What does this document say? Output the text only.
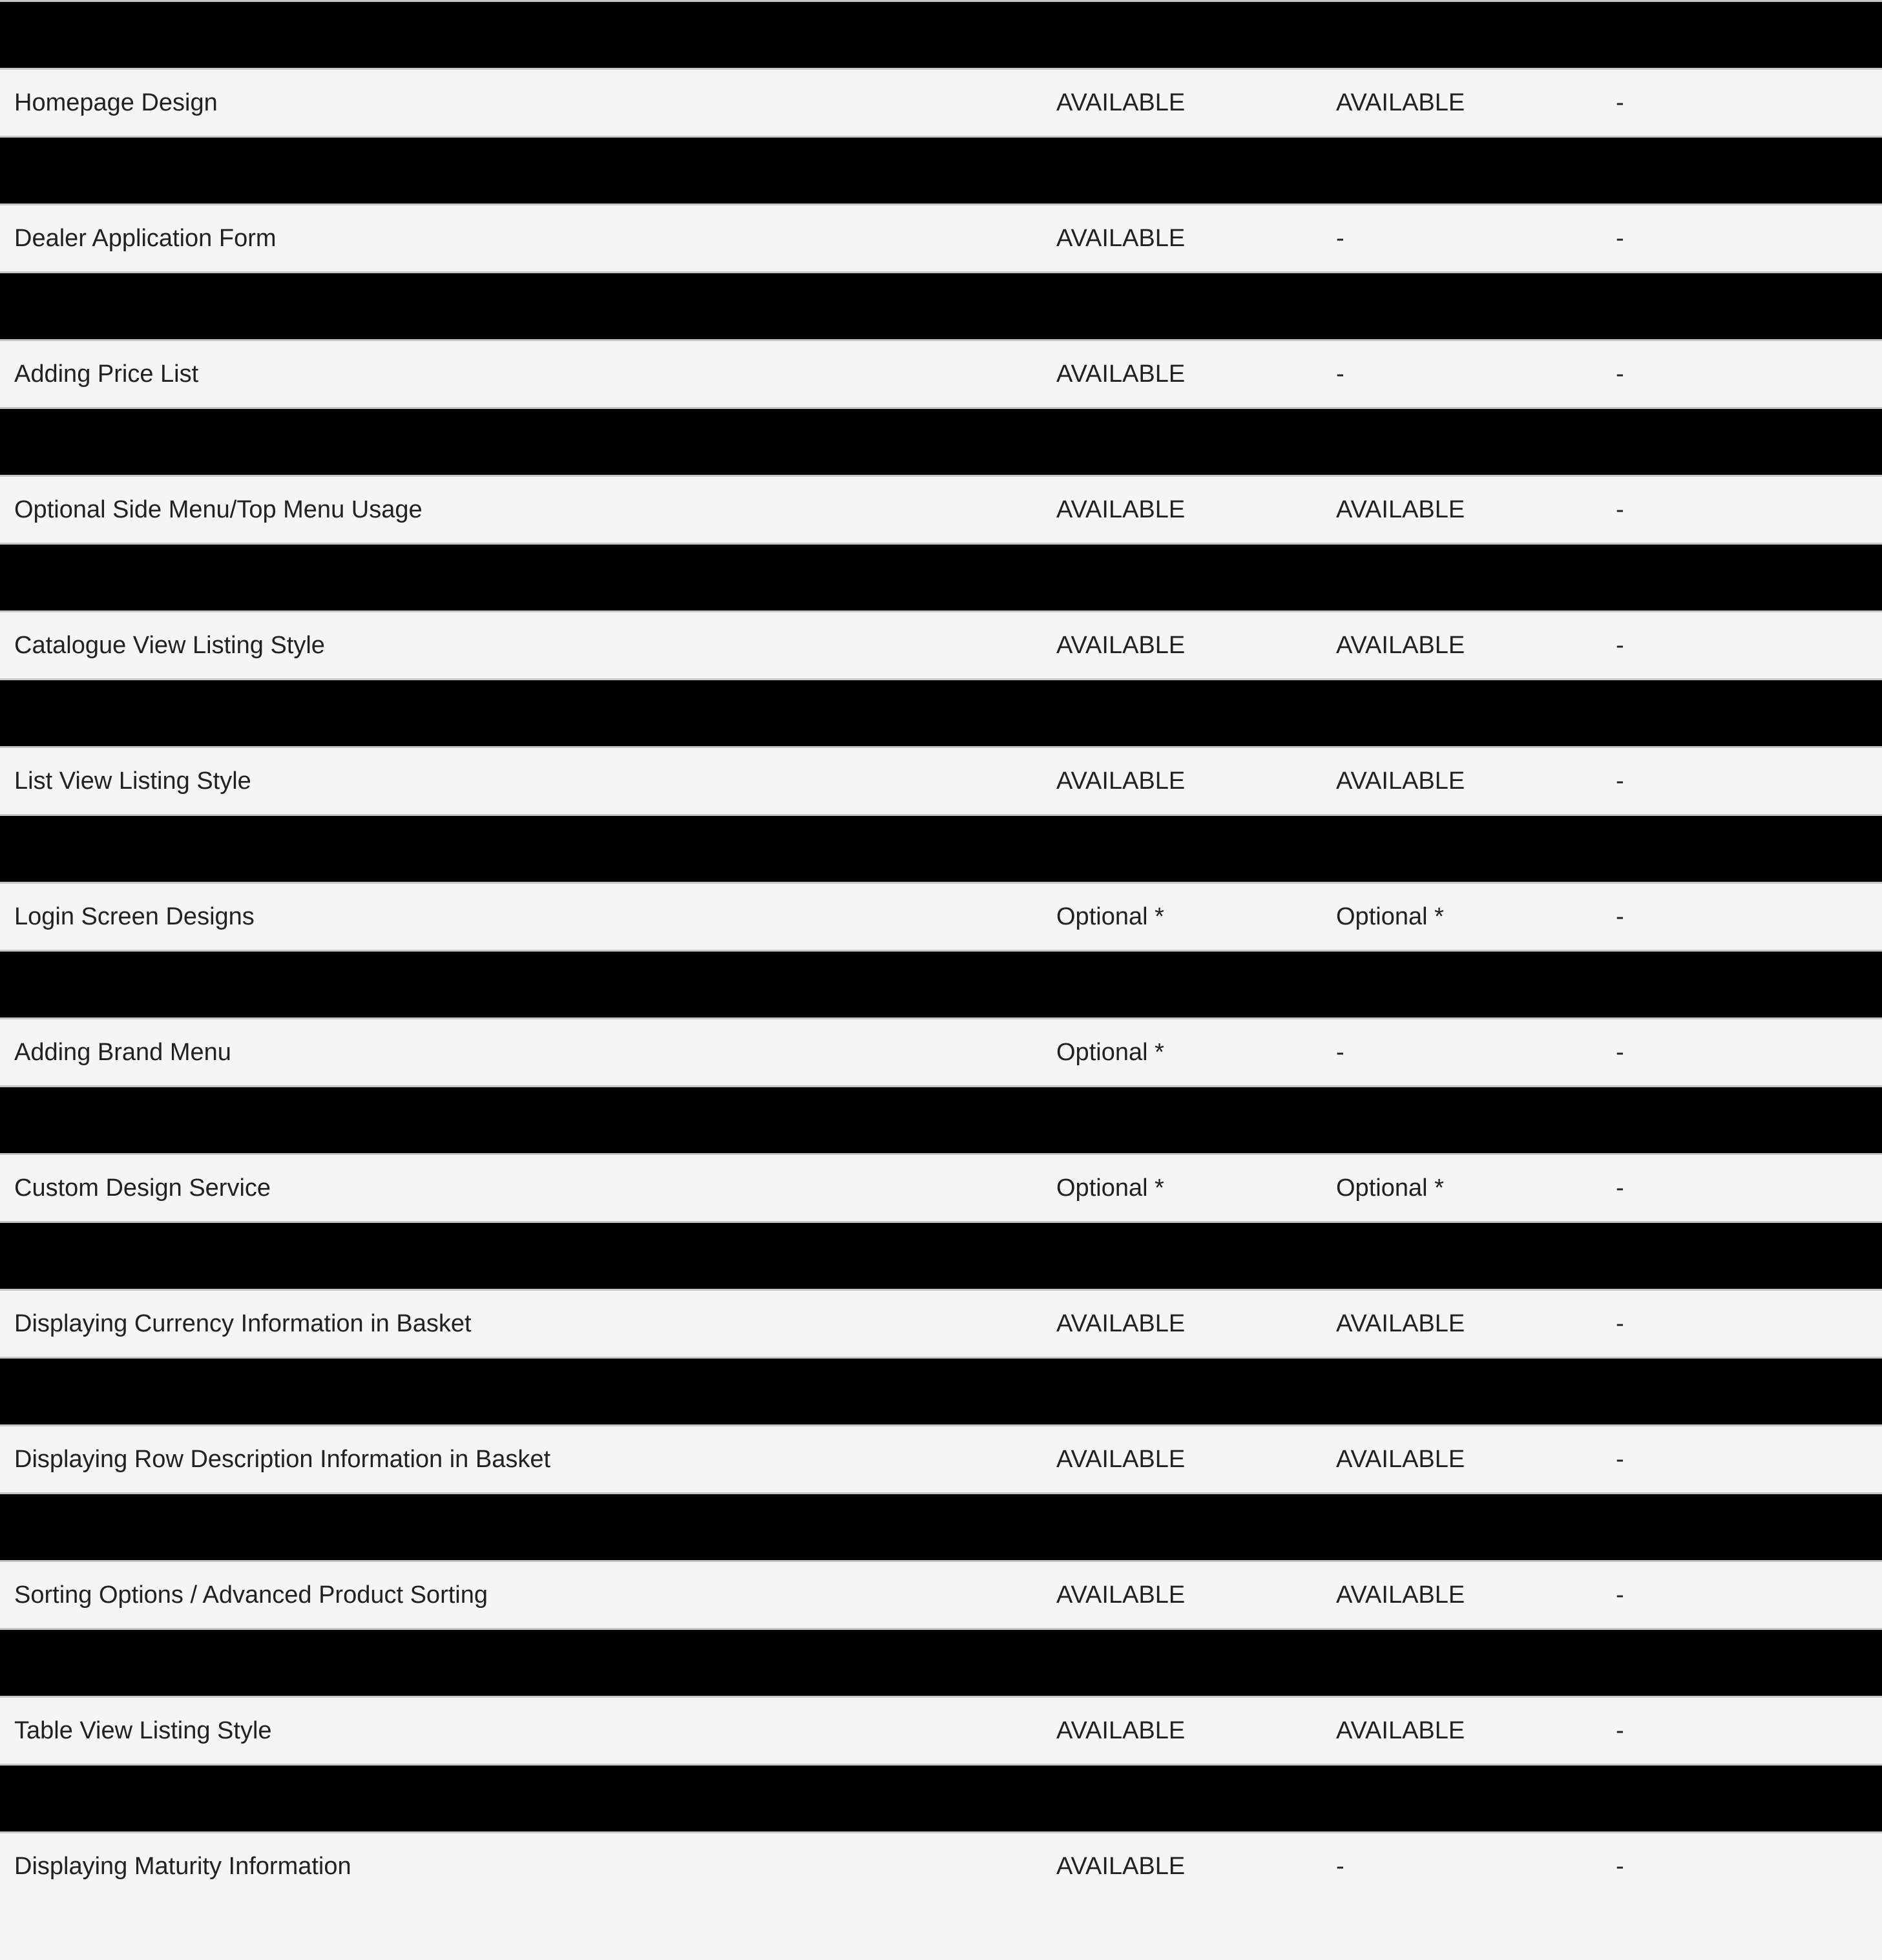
Homepage Design	AVAILABLE	AVAILABLE	-
Dealer Application Form	AVAILABLE	-	-
Adding Price List	AVAILABLE	-	-
Optional Side Menu/Top Menu Usage	AVAILABLE	AVAILABLE	-
Catalogue View Listing Style	AVAILABLE	AVAILABLE	-
List View Listing Style	AVAILABLE	AVAILABLE	-
Login Screen Designs	Optional *	Optional *	-
Adding Brand Menu	Optional *	-	-
Custom Design Service	Optional *	Optional *	-
Displaying Currency Information in Basket	AVAILABLE	AVAILABLE	-
Displaying Row Description Information in Basket	AVAILABLE	AVAILABLE	-
Sorting Options / Advanced Product Sorting	AVAILABLE	AVAILABLE	-
Table View Listing Style	AVAILABLE	AVAILABLE	-
Displaying Maturity Information	AVAILABLE	-	-
